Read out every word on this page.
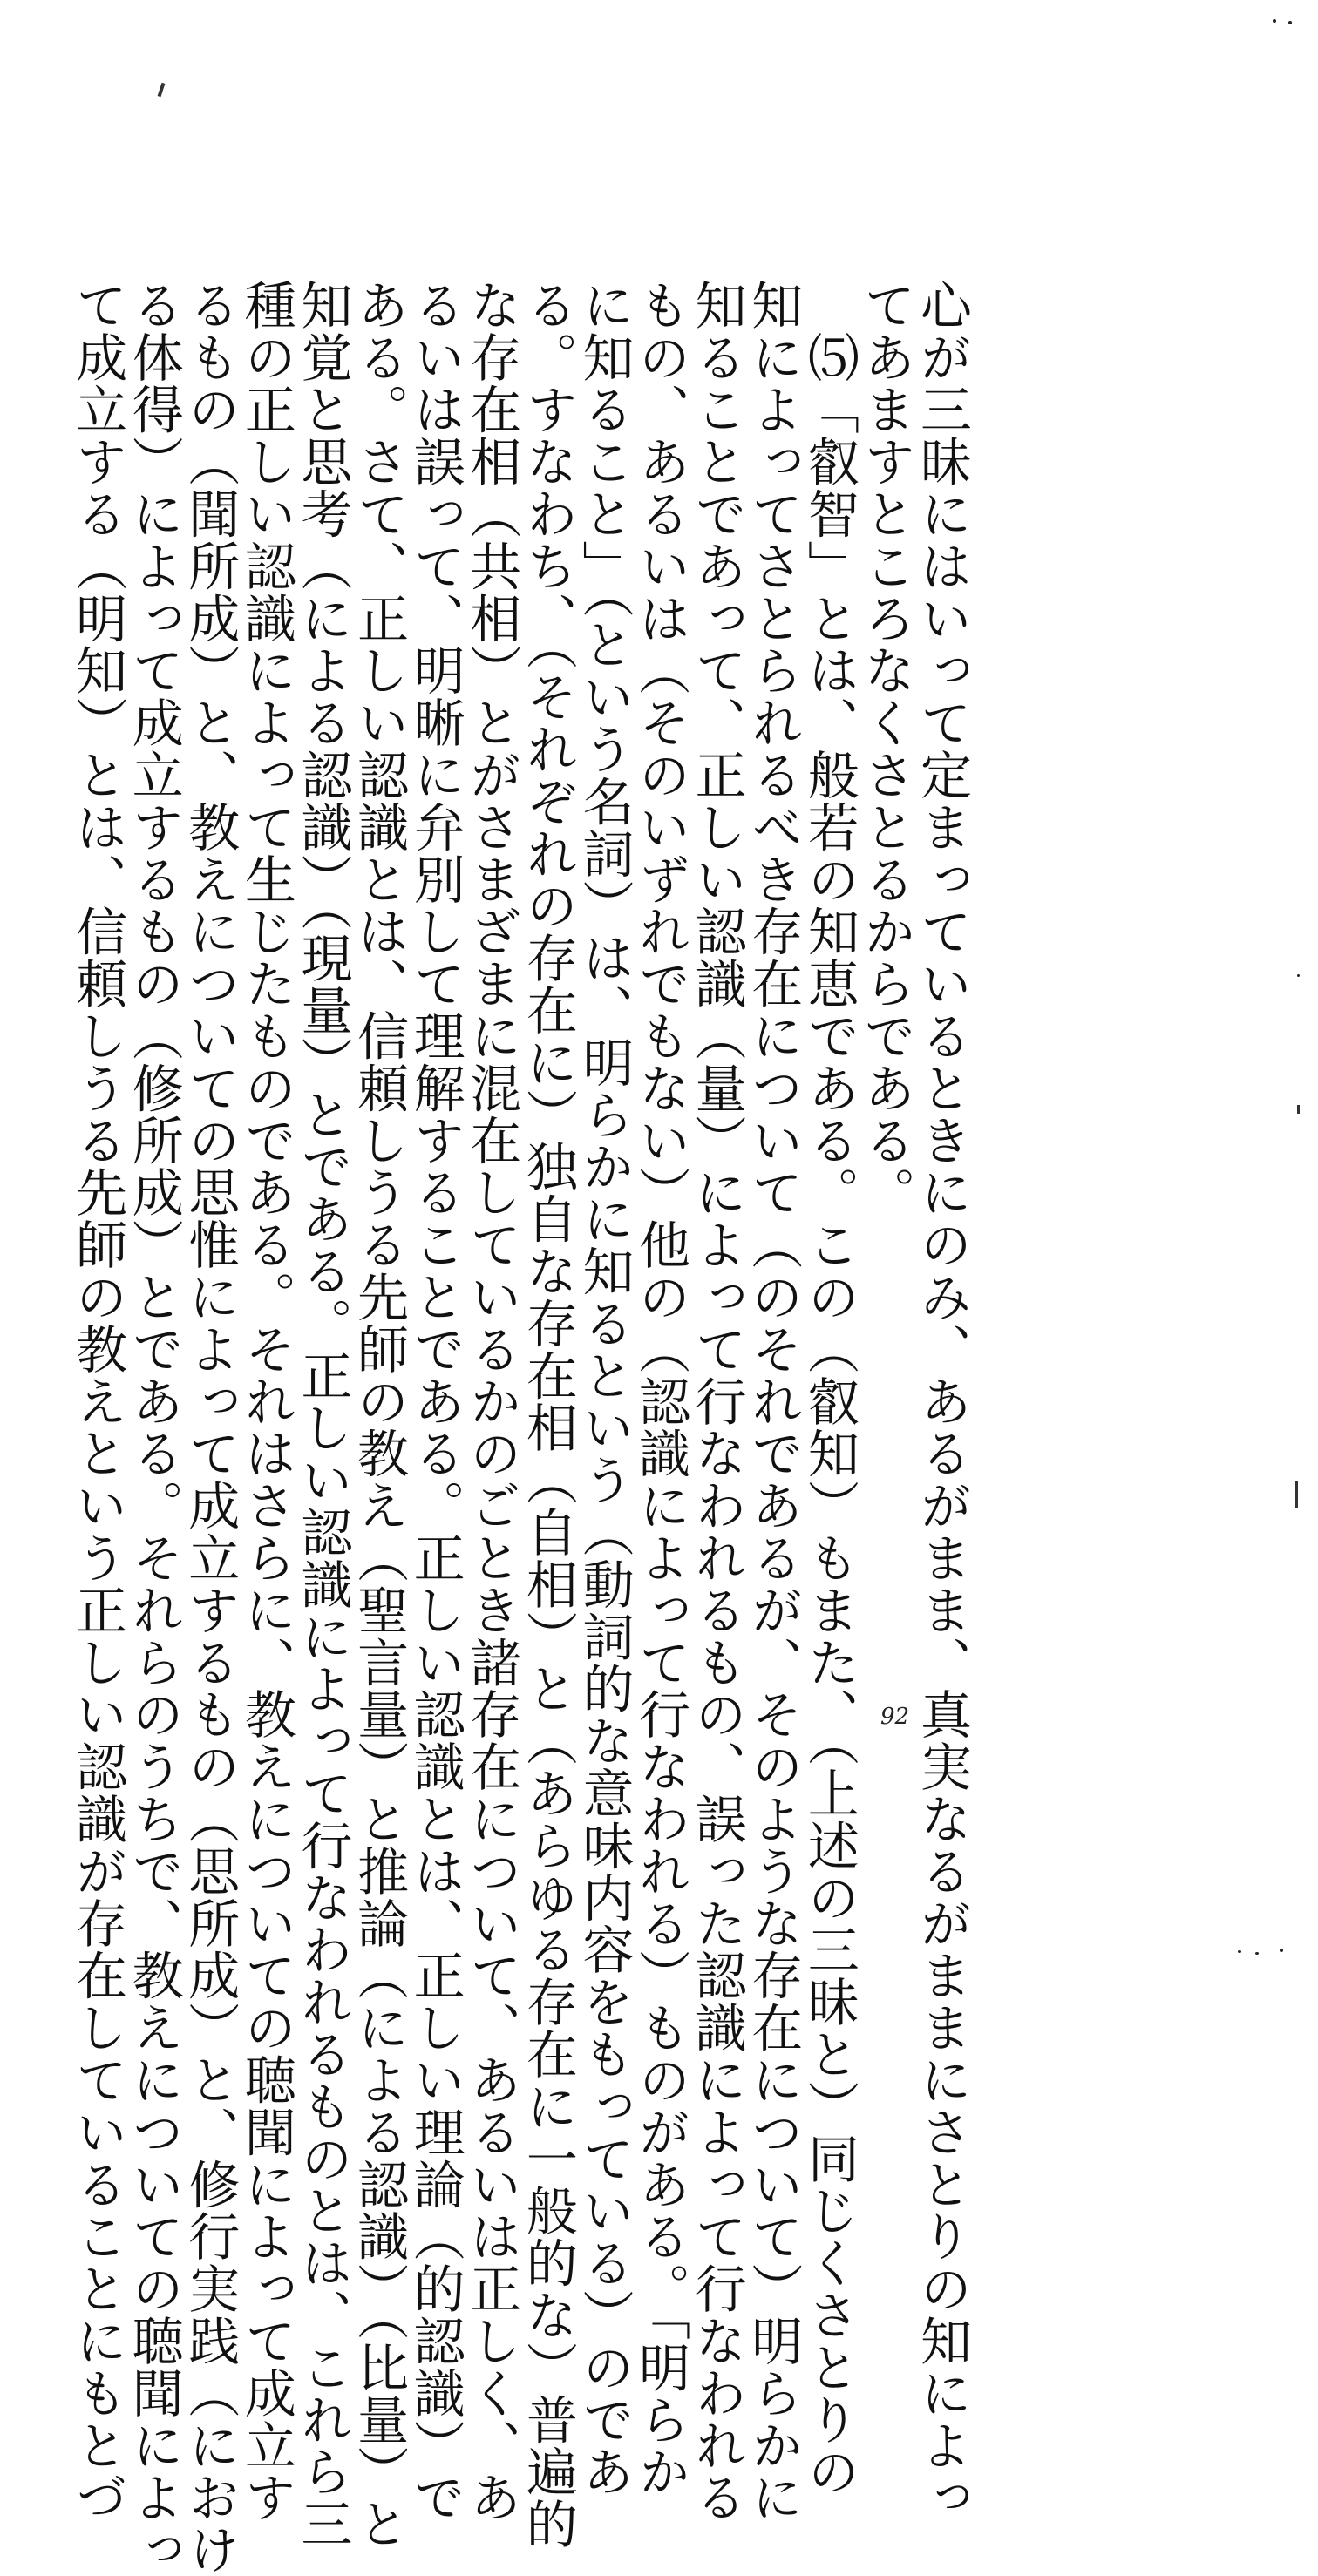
心が三昧にはいって定まっているときにのみ、あるがまま、真実なるがままにさとりの知によっ
てあますところなくさとるからである。
　⑸「叡智」とは、般若の知恵である。この（叡知）もまた、（上述の三昧と）同じくさとりの
知によってさとられるべき存在について（のそれであるが、そのような存在について）明らかに
知ることであって、正しい認識（量）によって行なわれるもの、誤った認識によって行なわれる
もの、あるいは（そのいずれでもない）他の（認識によって行なわれる）ものがある。「明らか
に知ること」（という名詞）は、明らかに知るという（動詞的な意味内容をもっている）のであ
る。すなわち、（それぞれの存在に）独自な存在相（自相）と（あらゆる存在に一般的な）普遍的
な存在相（共相）とがさまざまに混在しているかのごとき諸存在について、あるいは正しく、あ
るいは誤って、明晰に弁別して理解することである。正しい認識とは、正しい理論（的認識）で
ある。さて、正しい認識とは、信頼しうる先師の教え（聖言量）と推論（による認識）（比量）と
知覚と思考（による認識）（現量）とである。正しい認識によって行なわれるものとは、これら三
種の正しい認識によって生じたものである。それはさらに、教えについての聴聞によって成立す
るもの（聞所成）と、教えについての思惟によって成立するもの（思所成）と、修行実践（におけ
る体得）によって成立するもの（修所成）とである。それらのうちで、教えについての聴聞によっ
て成立する（明知）とは、信頼しうる先師の教えという正しい認識が存在していることにもとづ	92
